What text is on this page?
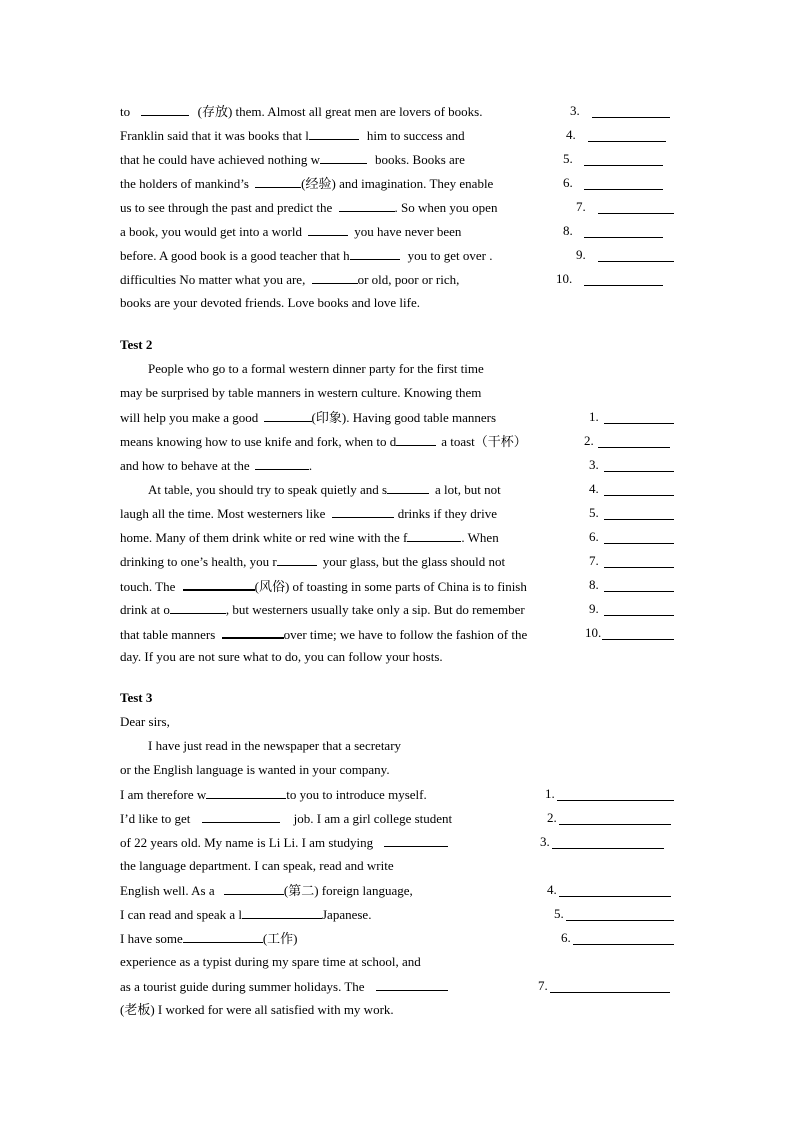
to	(存放) them. Almost all great men are lovers of books.
Franklin said that it was books that l	him to success and
that he could have achieved nothing w	books. Books are
the holders of mankind’s	(经验) and imagination. They enable
us to see through the past and predict the	. So when you open
a book, you would get into a world	you have never been
before. A good book is a good teacher that h	you to get over .
difficulties No matter what you are,	or old, poor or rich,
books are your devoted friends. Love books and love life.
3.
4.
5.
6.
7.
8.
9.
10.
Test 2
People who go to a formal western dinner party for the first time
may be surprised by table manners in western culture. Knowing them
will help you make a good	(印象). Having good table manners
means knowing how to use knife and fork, when to d	a toast（干杯）
and how to behave at the	.
At table, you should try to speak quietly and s	a lot, but not
laugh all the time. Most westerners like	drinks if they drive
home. Many of them drink white or red wine with the f	. When
drinking to one’s health, you r	your glass, but the glass should not
touch. The	(风俗) of toasting in some parts of China is to finish
drink at o	, but westerners usually take only a sip. But do remember
that table manners	over time; we have to follow the fashion of the
day. If you are not sure what to do, you can follow your hosts.
1.
2.
3.
4.
5.
6.
7.
8.
9.
10.
Test 3
Dear sirs,
I have just read in the newspaper that a secretary
or the English language is wanted in your company.
I am therefore w	to you to introduce myself.
I’d like to get	job. I am a girl college student
of 22 years old. My name is Li Li. I am studying
the language department. I can speak, read and write
English well. As a	(第二) foreign language,
I can read and speak a l	Japanese.
I have some	(工作)
experience as a typist during my spare time at school, and
as a tourist guide during summer holidays. The
(老板) I worked for were all satisfied with my work.
1.
2.
3.
4.
5.
6.
7.
